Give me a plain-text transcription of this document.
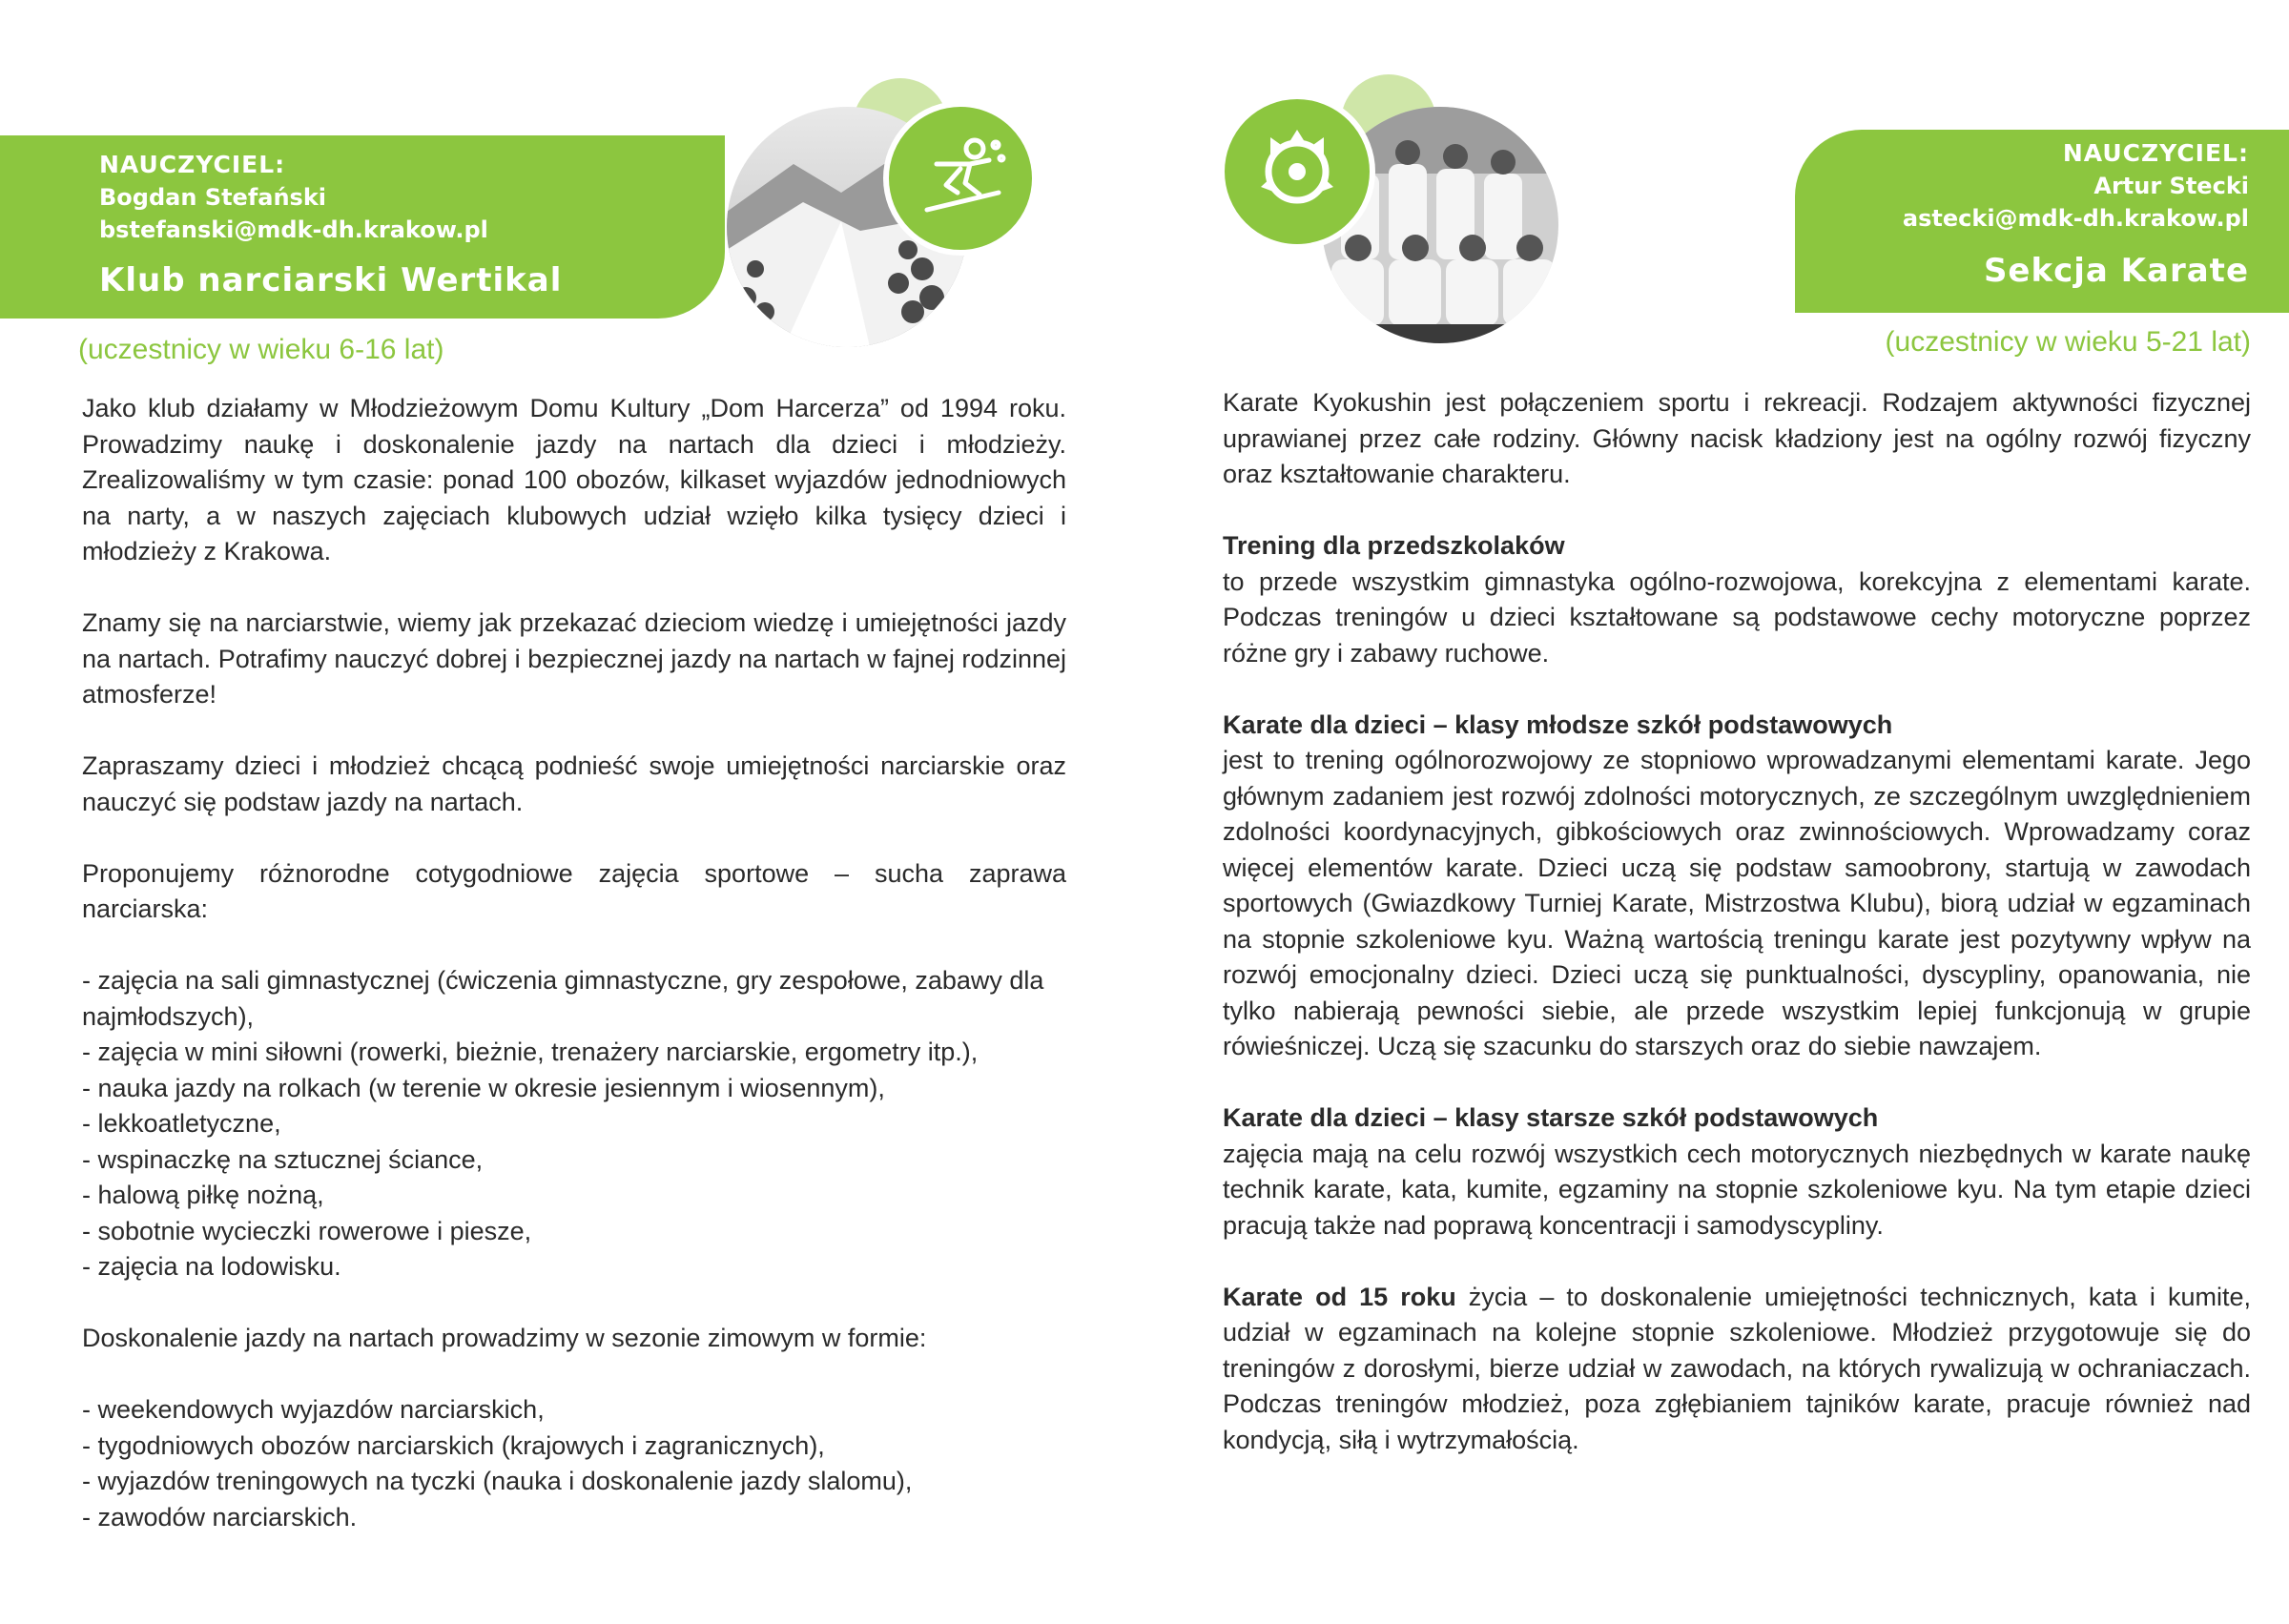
NAUCZYCIEL:
Bogdan Stefański
bstefanski@mdk-dh.krakow.pl
Klub narciarski Wertikal
(uczestnicy w wieku 6-16 lat)

Jako klub działamy w Młodzieżowym Domu Kultury „Dom Harcerza” od 1994 roku. Prowadzimy naukę i doskonalenie jazdy na nartach dla dzieci i młodzieży. Zrealizowaliśmy w tym czasie: ponad 100 obozów, kilkaset wyjazdów jednodniowych na narty, a w naszych zajęciach klubowych udział wzięło kilka tysięcy dzieci i młodzieży z Krakowa.

Znamy się na narciarstwie, wiemy jak przekazać dzieciom wiedzę i umiejętności jazdy na nartach. Potrafimy nauczyć dobrej i bezpiecznej jazdy na nartach w fajnej rodzinnej atmosferze!

Zapraszamy dzieci i młodzież chcącą podnieść swoje umiejętności narciarskie oraz nauczyć się podstaw jazdy na nartach.

Proponujemy różnorodne cotygodniowe zajęcia sportowe – sucha zaprawa narciarska:

- zajęcia na sali gimnastycznej (ćwiczenia gimnastyczne, gry zespołowe, zabawy dla najmłodszych),
- zajęcia w mini siłowni (rowerki, bieżnie, trenażery narciarskie, ergometry itp.),
- nauka jazdy na rolkach (w terenie w okresie jesiennym i wiosennym),
- lekkoatletyczne,
- wspinaczkę na sztucznej ściance,
- halową piłkę nożną,
- sobotnie wycieczki rowerowe i piesze,
- zajęcia na lodowisku.

Doskonalenie jazdy na nartach prowadzimy w sezonie zimowym w formie:

- weekendowych wyjazdów narciarskich,
- tygodniowych obozów narciarskich (krajowych i zagranicznych),
- wyjazdów treningowych na tyczki (nauka i doskonalenie jazdy slalomu),
- zawodów narciarskich.
NAUCZYCIEL:
Artur Stecki
astecki@mdk-dh.krakow.pl
Sekcja Karate
(uczestnicy w wieku 5-21 lat)

Karate Kyokushin jest połączeniem sportu i rekreacji. Rodzajem aktywności fizycznej uprawianej przez całe rodziny. Główny nacisk kładziony jest na ogólny rozwój fizyczny oraz kształtowanie charakteru.

Trening dla przedszkolaków
to przede wszystkim gimnastyka ogólno-rozwojowa, korekcyjna z elementami karate. Podczas treningów u dzieci kształtowane są podstawowe cechy motoryczne poprzez różne gry i zabawy ruchowe.

Karate dla dzieci – klasy młodsze szkół podstawowych
jest to trening ogólnorozwojowy ze stopniowo wprowadzanymi elementami karate. Jego głównym zadaniem jest rozwój zdolności motorycznych, ze szczególnym uwzględnieniem zdolności koordynacyjnych, gibkościowych oraz zwinnościowych. Wprowadzamy coraz więcej elementów karate. Dzieci uczą się podstaw samoobrony, startują w zawodach sportowych (Gwiazdkowy Turniej Karate, Mistrzostwa Klubu), biorą udział w egzaminach na stopnie szkoleniowe kyu. Ważną wartością treningu karate jest pozytywny wpływ na rozwój emocjonalny dzieci. Dzieci uczą się punktualności, dyscypliny, opanowania, nie tylko nabierają pewności siebie, ale przede wszystkim lepiej funkcjonują w grupie rówieśniczej. Uczą się szacunku do starszych oraz do siebie nawzajem.

Karate dla dzieci – klasy starsze szkół podstawowych
zajęcia mają na celu rozwój wszystkich cech motorycznych niezbędnych w karate naukę technik karate, kata, kumite, egzaminy na stopnie szkoleniowe kyu. Na tym etapie dzieci pracują także nad poprawą koncentracji i samodyscypliny.

Karate od 15 roku życia – to doskonalenie umiejętności technicznych, kata i kumite, udział w egzaminach na kolejne stopnie szkoleniowe. Młodzież przygotowuje się do treningów z dorosłymi, bierze udział w zawodach, na których rywalizują w ochraniaczach. Podczas treningów młodzież, poza zgłębianiem tajników karate, pracuje również nad kondycją, siłą i wytrzymałością.
